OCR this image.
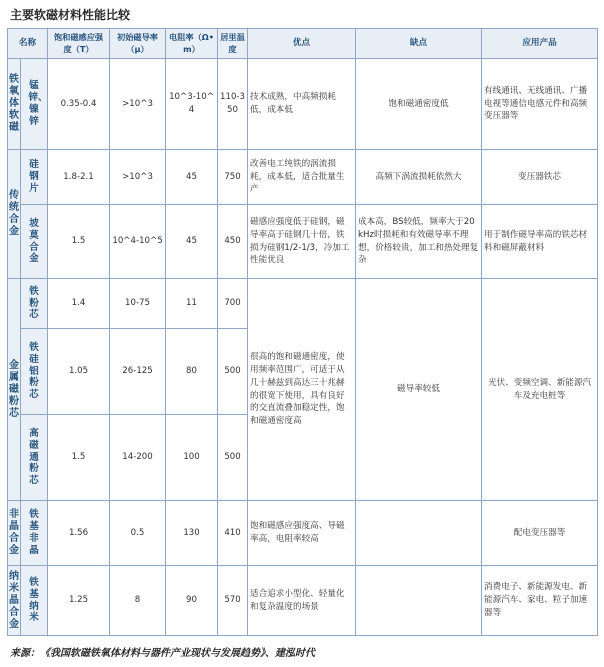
主要软磁材料性能比较
名称		饱和磁感应强度（T）	初始磁导率（μ）	电阻率（Ω•m）	居里温度	优点	缺点	应用产品

铁氧体软磁	锰锌、镍锌	0.35-0.4	>10^3	10^3-10^4	110-350	技术成熟，中高频损耗低，成本低	饱和磁通密度低	有线通讯、无线通讯、广播电视等通信电感元件和高频变压器等

传统合金	硅钢片	1.8-2.1	>10^3	45	750	改善电工纯铁的涡流损耗，成本低，适合批量生产	高频下涡流损耗依然大	变压器铁芯

	坡莫合金	1.5	10^4-10^5	45	450	磁感应强度低于硅钢，磁导率高于硅钢几十倍，铁损为硅钢1/2-1/3，冷加工性能优良	成本高，BS较低，频率大于20kHz时损耗和有效磁导率不理想，价格较贵，加工和热处理复杂	用于制作磁导率高的铁芯材料和磁屏蔽材料

金属磁粉芯	铁粉芯	1.4	10-75	11	700	很高的饱和磁通密度，使用频率范围广，可适于从几十赫兹到高达三十兆赫的很宽下使用，具有良好的交直流叠加稳定性，饱和磁通密度高	磁导率较低	光伏、变频空调、新能源汽车及充电桩等

	铁硅铝粉芯	1.05	26-125	80	500			

	高磁通粉芯	1.5	14-200	100	500			

非晶合金	铁基非晶	1.56	0.5	130	410	饱和磁感应强度高、导磁率高，电阻率较高		配电变压器等

纳米晶合金	铁基纳米	1.25	8	90	570	适合追求小型化、轻量化和复杂温度的场景		消费电子、新能源发电、新能源汽车、家电、粒子加速器等
来源：《我国软磁铁氧体材料与器件产业现状与发展趋势》、建泓时代
